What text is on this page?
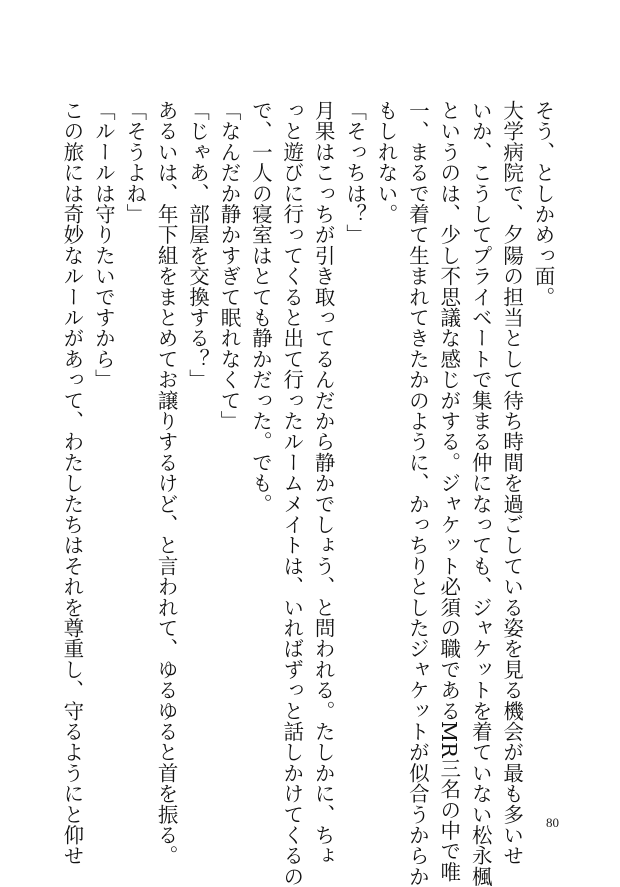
そう、としかめっ面。

大学病院で、夕陽の担当として待ち時間を過ごしている姿を見る機会が最も多いせ

いか、こうしてプライベートで集まる仲になっても、ジャケットを着ていない松永楓

というのは、少し不思議な感じがする。ジャケット必須の職であるMR三名の中で唯

一、まるで着て生まれてきたかのように、かっちりとしたジャケットが似合うからか

もしれない。

「そっちは？」

月果はこっちが引き取ってるんだから静かでしょう、と問われる。たしかに、ちょ

っと遊びに行ってくると出て行ったルームメイトは、いればずっと話しかけてくるの

で、一人の寝室はとても静かだった。でも。

「なんだか静かすぎて眠れなくて」

「じゃあ、部屋を交換する？」

あるいは、年下組をまとめてお譲りするけど、と言われて、ゆるゆると首を振る。

「そうよね」

「ルールは守りたいですから」

この旅には奇妙なルールがあって、わたしたちはそれを尊重し、守るようにと仰せ	80
